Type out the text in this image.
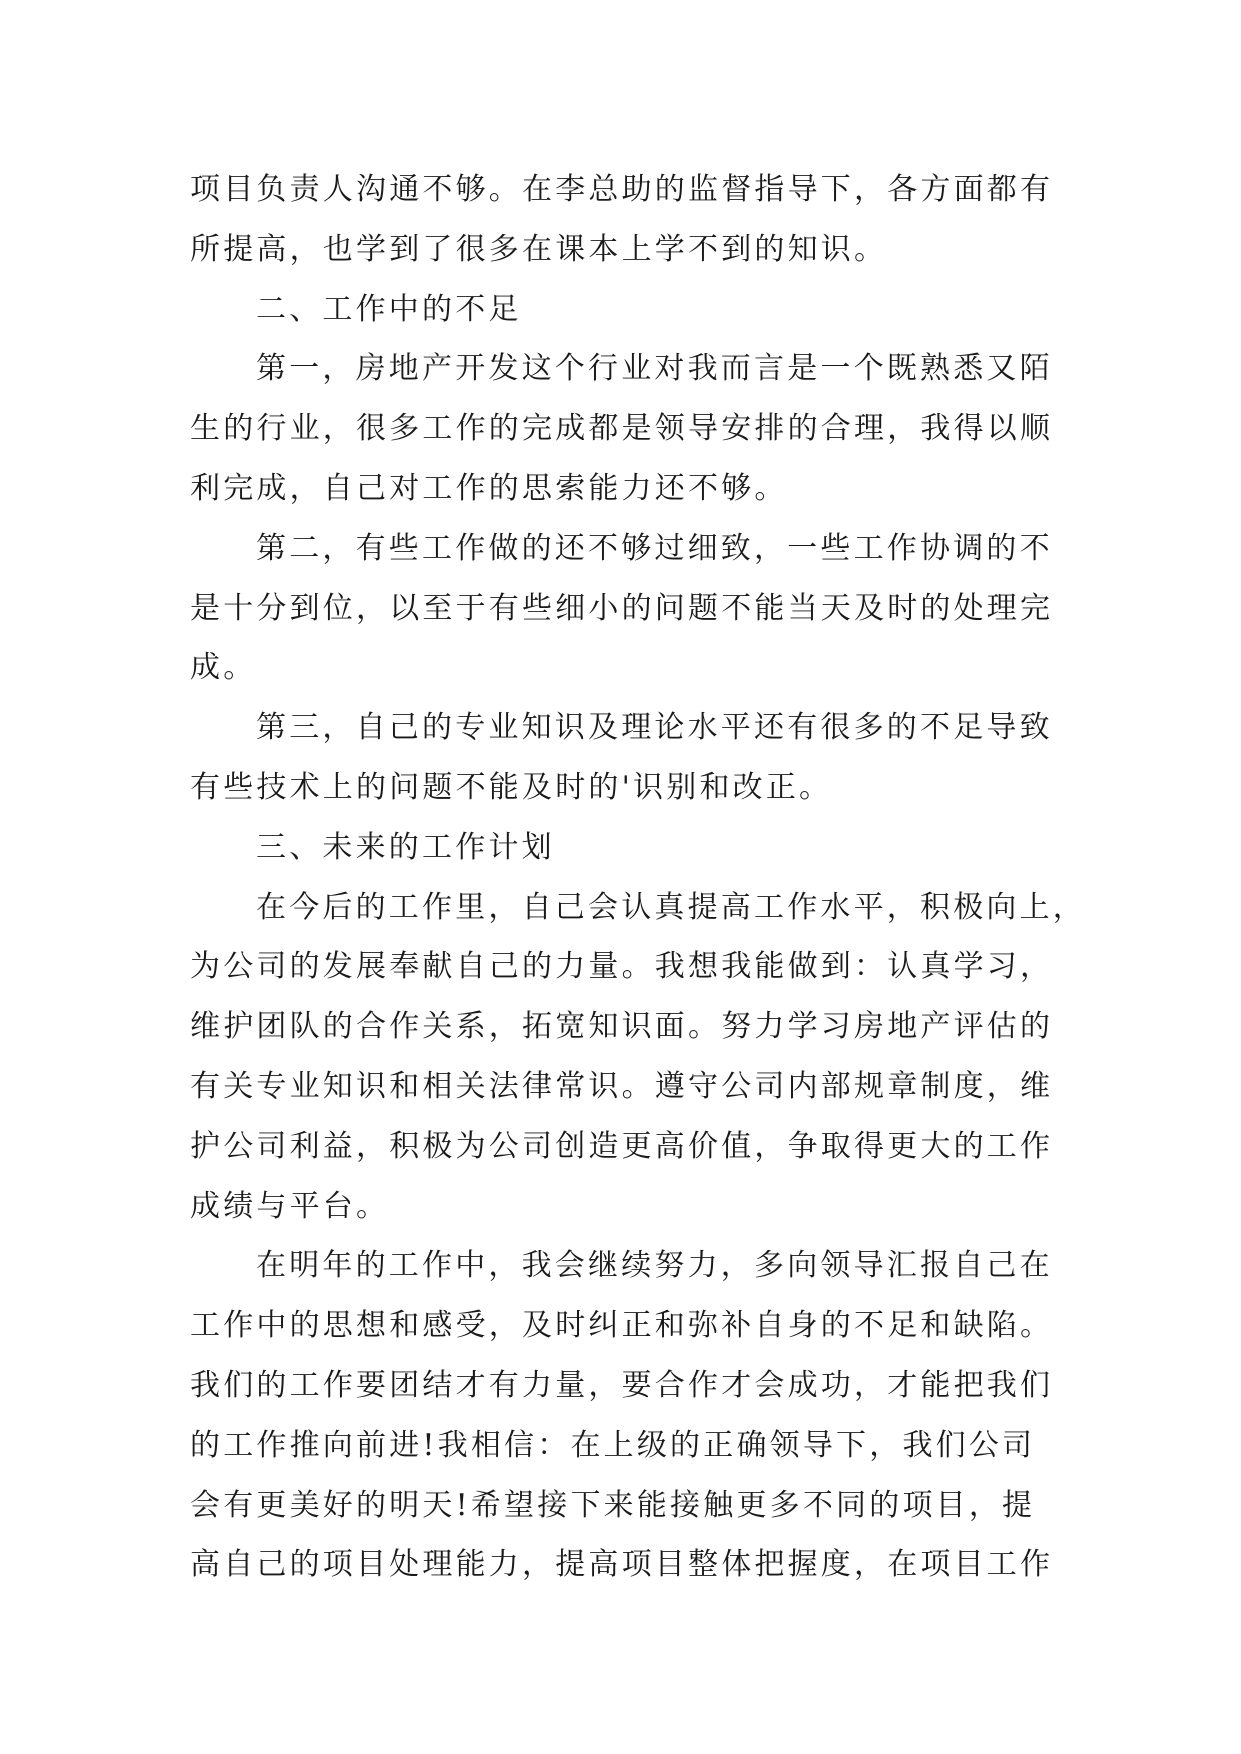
项目负责人沟通不够。在李总助的监督指导下，各方面都有
所提高，也学到了很多在课本上学不到的知识。
二、工作中的不足
第一，房地产开发这个行业对我而言是一个既熟悉又陌
生的行业，很多工作的完成都是领导安排的合理，我得以顺
利完成，自己对工作的思索能力还不够。
第二，有些工作做的还不够过细致，一些工作协调的不
是十分到位，以至于有些细小的问题不能当天及时的处理完
成。
第三，自己的专业知识及理论水平还有很多的不足导致
有些技术上的问题不能及时的'识别和改正。
三、未来的工作计划
在今后的工作里，自己会认真提高工作水平，积极向上，
为公司的发展奉献自己的力量。我想我能做到：认真学习，
维护团队的合作关系，拓宽知识面。努力学习房地产评估的
有关专业知识和相关法律常识。遵守公司内部规章制度，维
护公司利益，积极为公司创造更高价值，争取得更大的工作
成绩与平台。
在明年的工作中，我会继续努力，多向领导汇报自己在
工作中的思想和感受，及时纠正和弥补自身的不足和缺陷。
我们的工作要团结才有力量，要合作才会成功，才能把我们
的工作推向前进!我相信：在上级的正确领导下，我们公司
会有更美好的明天!希望接下来能接触更多不同的项目，提
高自己的项目处理能力，提高项目整体把握度，在项目工作
